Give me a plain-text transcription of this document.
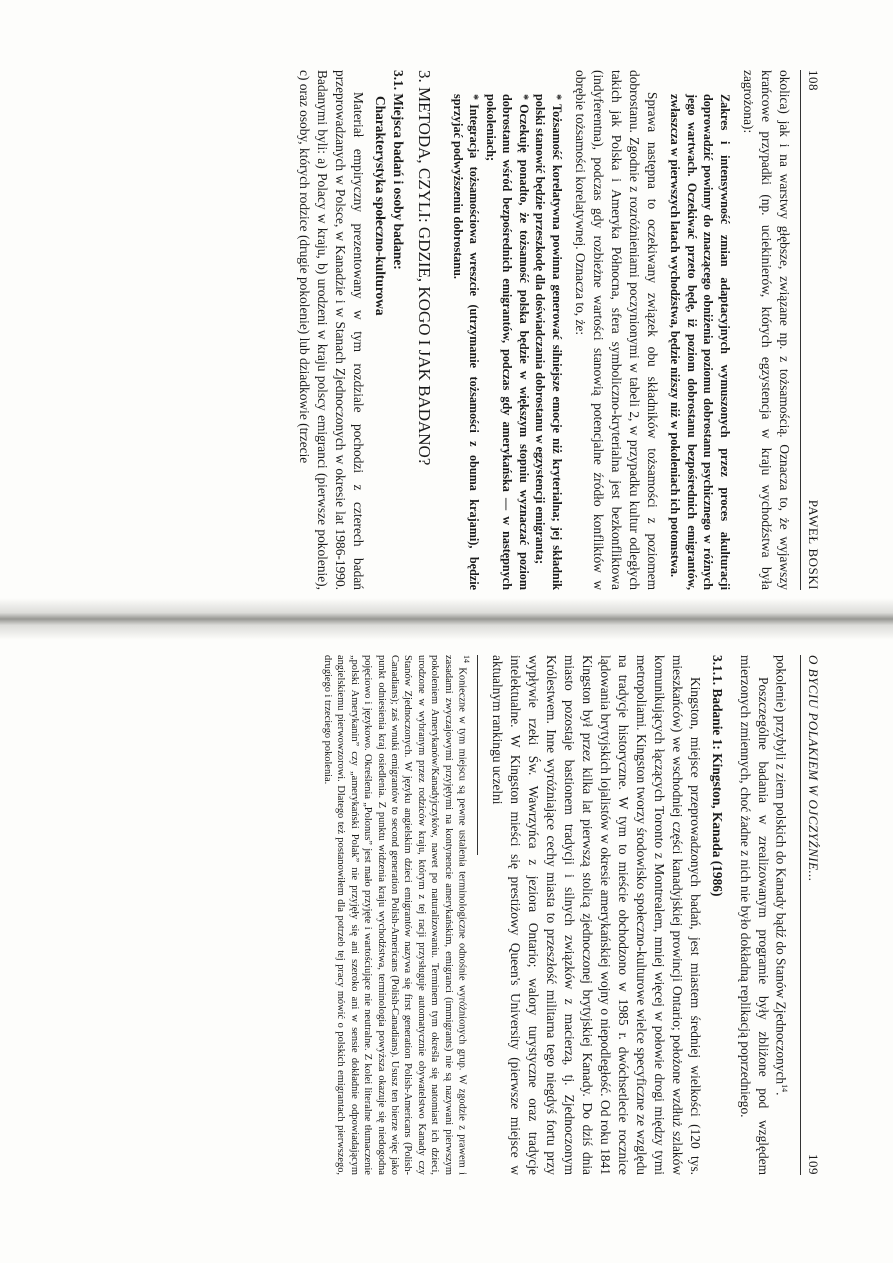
108
PAWEŁ BOSKI

okolica) jak i na warstwy głębsze, związane np. z tożsamością. Oznacza to, że wyjawszy krańcowe przypadki (np. uciekinierów, których egzystencja w kraju wychodźstwa była zagrożona):

Zakres i intensywność zmian adaptacyjnych wymuszonych przez proces akulturacji doprowadzić powinny do znaczącego obniżenia poziomu dobrostanu psychicznego w różnych jego wartwach. Oczekiwać przeto będę, iż poziom dobrostanu bezpośrednich emigrantów, zwłaszcza w pierwszych latach wychodźstwa, będzie niższy niż w pokoleniach ich potomstwa.

Sprawa następna to oczekiwany związek obu składników tożsamości z poziomem dobrostanu. Zgodnie z rozróżnieniami poczynionymi w tabeli 2, w przypadku kultur odległych takich jak Polska i Ameryka Północna, sfera symboliczno-kryterialna jest bezkonfliktowa (indyferentna), podczas gdy rozbieżne wartości stanowią potencjalne źródło konfliktów w obrębie tożsamości korelatywnej. Oznacza to, że:

*Tożsamość korelatywna powinna generować silniejsze emocje niż kryterialna; jej składnik polski stanowić będzie przeszkodę dla doświadczania dobrostanu w egzystencji emigranta;
*Oczekuję ponadto, że tożsamość polska będzie w większym stopniu wyznaczać poziom dobrostanu wśród bezpośrednich emigrantów, podczas gdy amerykańska — w następnych pokoleniach;
*Integracja tożsamościowa wreszcie (utrzymanie tożsamości z obuma krajami), będzie sprzyjać podwyższeniu dobrostanu.
3. METODA, CZYLI: GDZIE, KOGO I JAK BADANO?
3.1. Miejsca badań i osoby badane:
Charakterystyka społeczno-kulturowa

Materiał empiryczny prezentowany w tym rozdziale pochodzi z czterech badań przeprowadzanych w Polsce, w Kanadzie i w Stanach Zjednoczonych w okresie lat 1986-1990. Badanymi byli: a) Polacy w kraju, b) urodzeni w kraju polscy emigranci (pierwsze pokolenie), c) oraz osoby, których rodzice (drugie pokolenie) lub dziadkowie (trzecie

O BYCIU POLAKIEM W OJCZYŹNIE...
109

pokolenie) przybyli z ziem polskich do Kanady bądź do Stanów Zjednoczonych$^{14}$.

Poszczególne badania w zrealizowanym programie były zbliżone pod względem mierzonych zmiennych, choć żadne z nich nie było dokładną replikacją poprzedniego.

3.1.1. Badanie 1: Kingston, Kanada (1986)

Kingston, miejsce przeprowadzonych badań, jest miastem średniej wielkości (120 tys. mieszkańców) we wschodniej części kanadyjskiej prowincji Ontario; położone wzdłuż szlaków komunikujących łączących Toronto z Montrealem, mniej więcej w połowie drogi między tymi metropoliami. Kingston tworzy środowisko społeczno-kulturowe wielce specyficzne ze względu na tradycje historyczne. W tym to mieście obchodzono w 1985 r. dwóchsetlecie rocznice lądowania brytyjskich lojalistów w okresie amerykańskiej wojny o niepodległość. Od roku 1841 Kingston był przez kilka lat pierwszą stolicą zjednoczonej brytyjskiej Kanady. Do dziś dnia miasto pozostaje bastionem tradycji i silnych związków z macierzą, tj. Zjednoczonym Królestwem. Inne wyróżniające cechy miasta to przeszłość militarna tego niegdyś fortu przy wypływie rzeki Św. Wawrzyńca z jeziora Ontario; walory turystyczne oraz tradycje intelektualne. W Kingston mieści się prestiżowy Queen's University (pierwsze miejsce w aktualnym rankingu uczelni

$^{14}$ Konieczne w tym miejscu są pewne ustalenia terminologiczne odnośnie wyróżnionych grup. W zgodzie z prawem i zasadami zwyczajowymi przyjętymi na kontynencie amerykańskim, emigranci (immigrants) nie są nazywani pierwszym pokoleniem Amerykanów/Kanadyjczyków, nawet po naturalizowaniu. Terminem tym określa się natomiast ich dzieci, urodzone w wybranym przez rodziców kraju, którym z tej racji przysługuje automatycznie obywatelstwo Kanady czy Stanów Zjednoczonych. W języku angielskim dzieci emigrantów nazywa się first generation Polish-Americans (Polish-Canadians); zaś wnuki emigrantów to second generation Polish-Americans (Polish-Canadians). Ususz ten bierze więc jako punkt odniesienia kraj osiedlenia. Z punktu widzenia kraju wychodźstwa, terminologia powyższa okazuje się niedogodna pojęciowo i językowo. Określenia „Polonus” jest mało przyjęte i wartościujące nie neutralne. Z kolei literalne tłumaczenie „polski Amerykanin” czy „amerykański Polak” nie przyjęły się ani szeroko ani w sensie dokładnie odpowiadającym angielskiemu pierwowzorowi. Dlatego też postanowiłem dla potrzeb tej pracy mówić o polskich emigrantach pierwszego, drugiego i trzeciego pokolenia.
